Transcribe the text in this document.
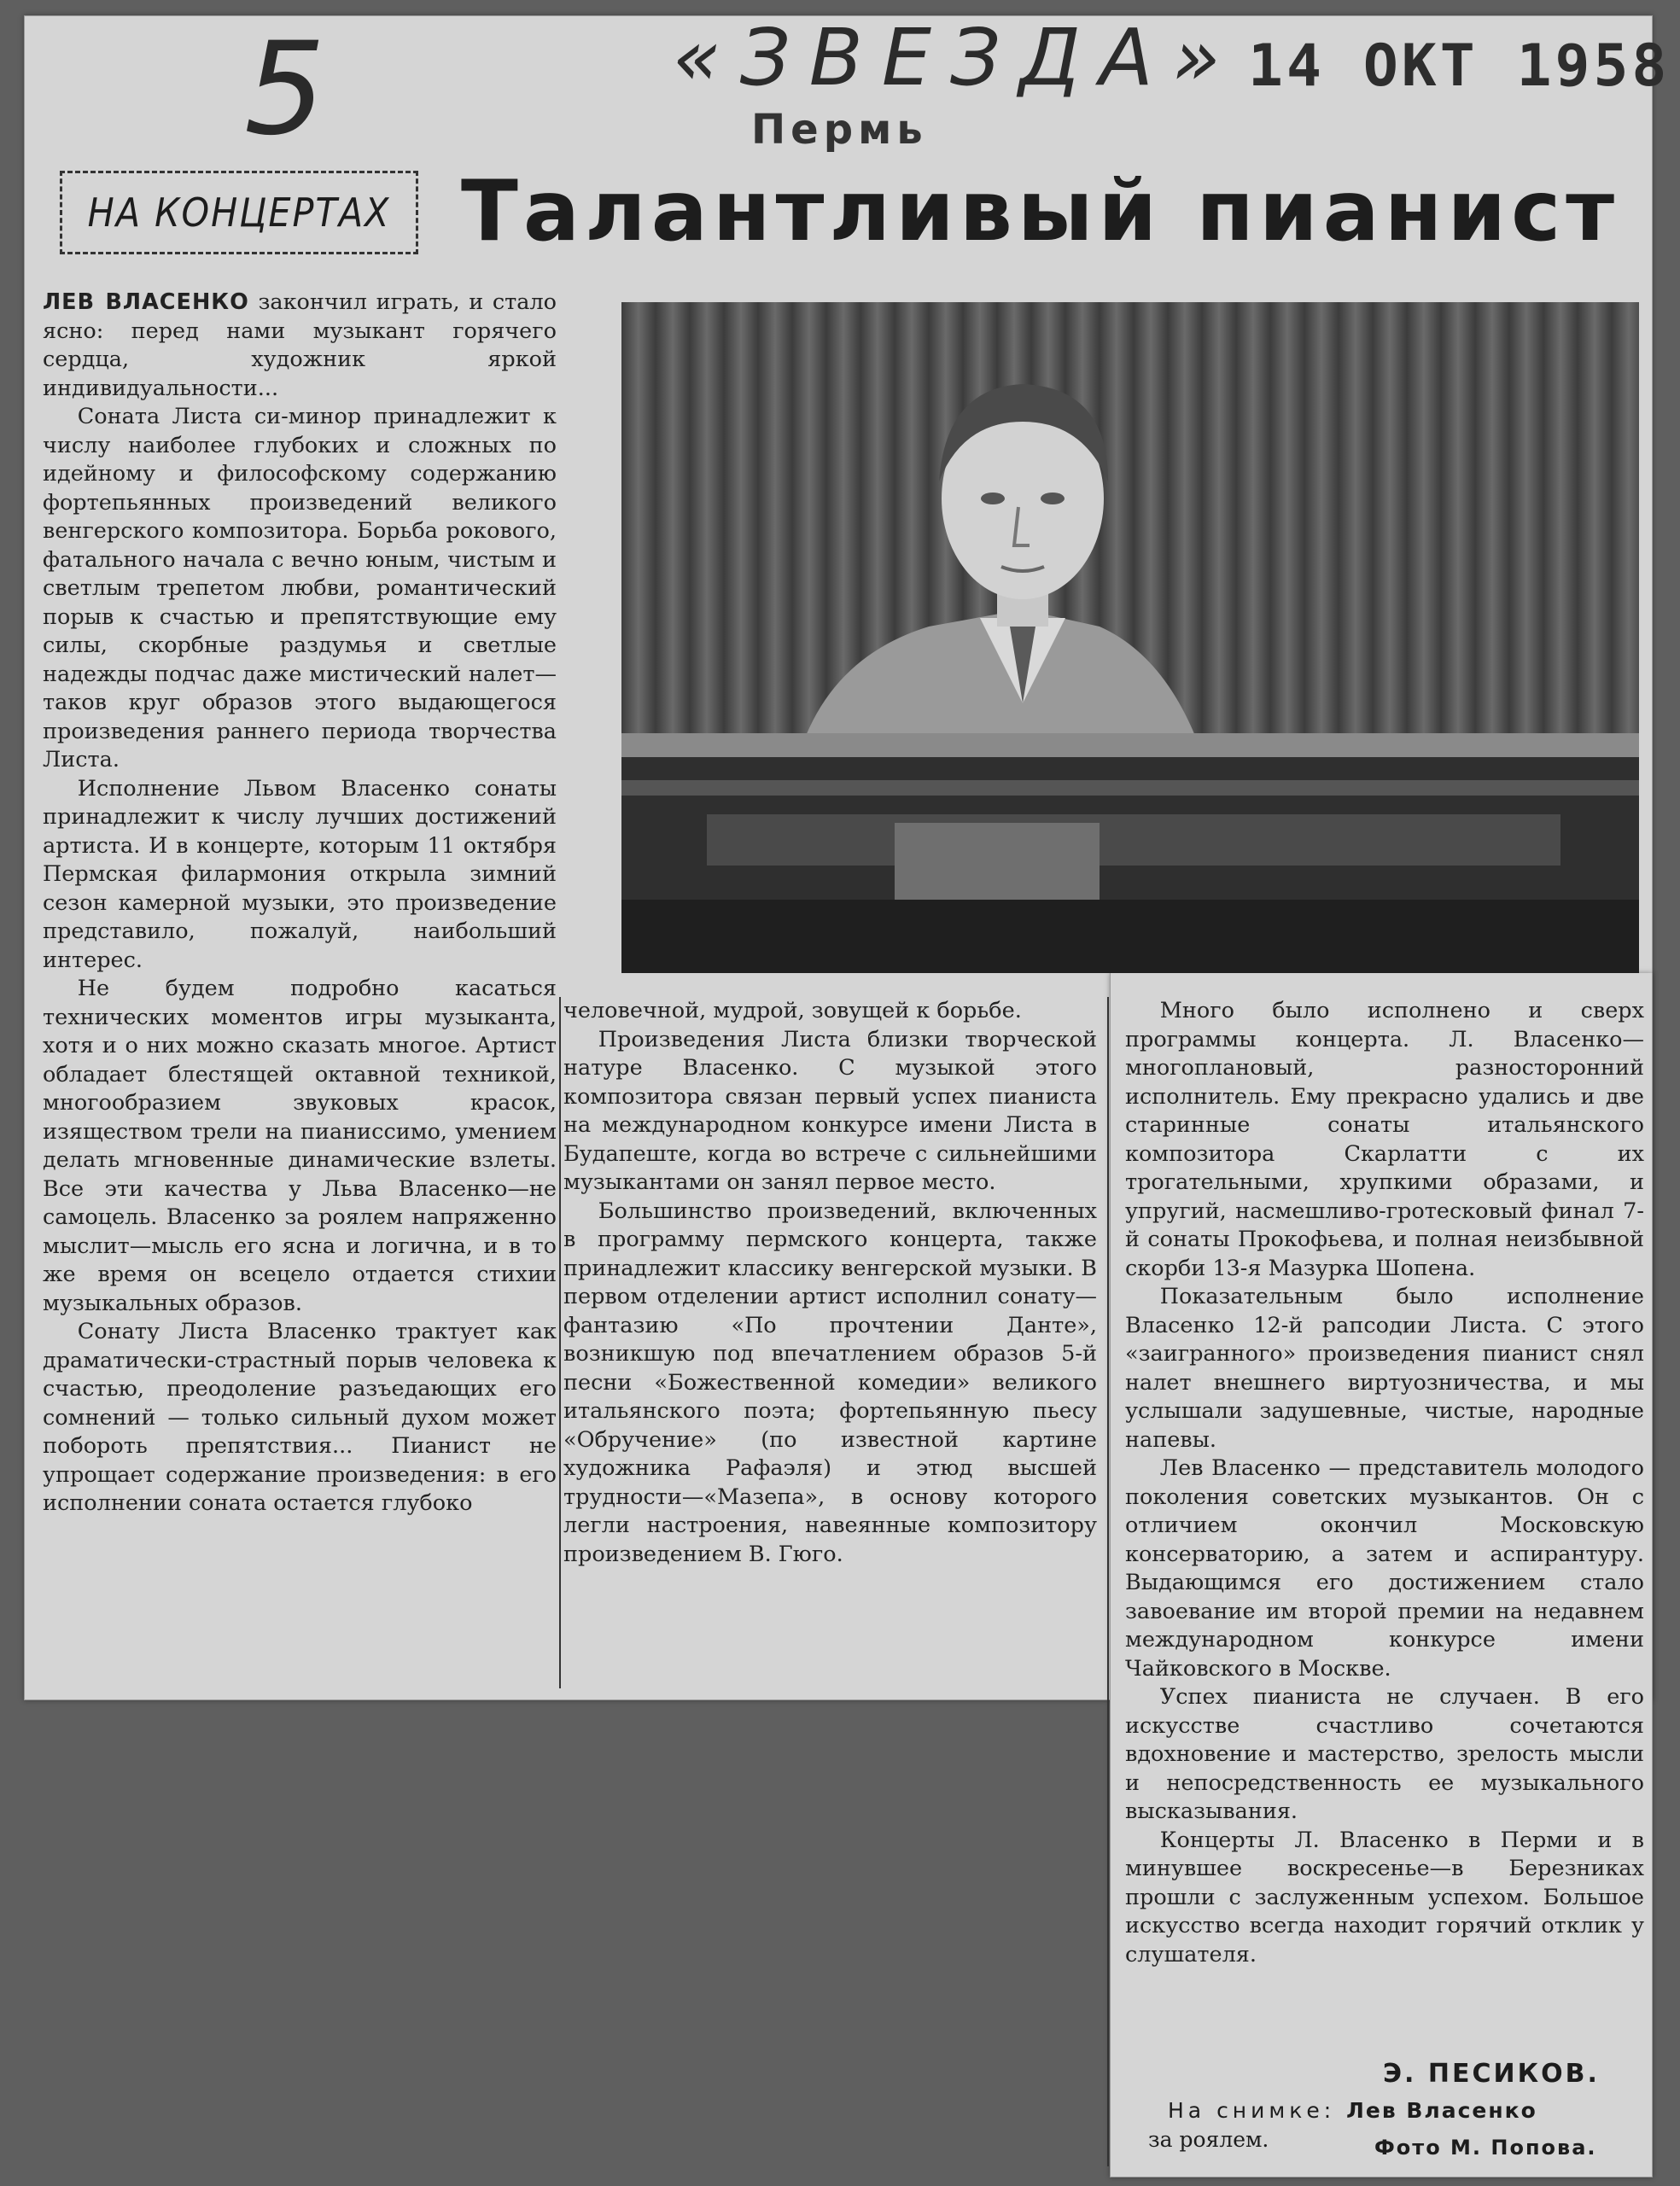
5	«ЗВЕЗДА»
Пермь
14 ОКТ 1958
НА КОНЦЕРТАХ Талантливый пианист

ЛЕВ ВЛАСЕНКО закончил играть, и стало ясно: перед нами музыкант горячего сердца, художник яркой индивидуальности...

Соната Листа си-минор принадлежит к числу наиболее глубоких и сложных по идейному и философскому содержанию фортепьянных произведений великого венгерского композитора. Борьба рокового, фатального начала с вечно юным, чистым и светлым трепетом любви, романтический порыв к счастью и препятствующие ему силы, скорбные раздумья и светлые надежды подчас даже мистический налет—таков круг образов этого выдающегося произведения раннего периода творчества Листа.

Исполнение Львом Власенко сонаты принадлежит к числу лучших достижений артиста. И в концерте, которым 11 октября Пермская филармония открыла зимний сезон камерной музыки, это произведение представило, пожалуй, наибольший интерес.

Не будем подробно касаться технических моментов игры музыканта, хотя и о них можно сказать многое. Артист обладает блестящей октавной техникой, многообразием звуковых красок, изяществом трели на пианиссимо, умением делать мгновенные динамические взлеты. Все эти качества у Льва Власенко—не самоцель. Власенко за роялем напряженно мыслит—мысль его ясна и логична, и в то же время он всецело отдается стихии музыкальных образов.

Сонату Листа Власенко трактует как драматически-страстный порыв человека к счастью, преодоление разъедающих его сомнений — только сильный духом может побороть препятствия... Пианист не упрощает содержание произведения: в его исполнении соната остается глубоко

человечной, мудрой, зовущей к борьбе.

Произведения Листа близки творческой натуре Власенко. С музыкой этого композитора связан первый успех пианиста на международном конкурсе имени Листа в Будапеште, когда во встрече с сильнейшими музыкантами он занял первое место.

Большинство произведений, включенных в программу пермского концерта, также принадлежит классику венгерской музыки. В первом отделении артист исполнил сонату—фантазию «По прочтении Данте», возникшую под впечатлением образов 5-й песни «Божественной комедии» великого итальянского поэта; фортепьянную пьесу «Обручение» (по известной картине художника Рафаэля) и этюд высшей трудности—«Мазепа», в основу которого легли настроения, навеянные композитору произведением В. Гюго.

Много было исполнено и сверх программы концерта. Л. Власенко—многоплановый, разносторонний исполнитель. Ему прекрасно удались и две старинные сонаты итальянского композитора Скарлатти с их трогательными, хрупкими образами, и упругий, насмешливо-гротесковый финал 7-й сонаты Прокофьева, и полная неизбывной скорби 13-я Мазурка Шопена.

Показательным было исполнение Власенко 12-й рапсодии Листа. С этого «заигранного» произведения пианист снял налет внешнего виртуозничества, и мы услышали задушевные, чистые, народные напевы.

Лев Власенко — представитель молодого поколения советских музыкантов. Он с отличием окончил Московскую консерваторию, а затем и аспирантуру. Выдающимся его достижением стало завоевание им второй премии на недавнем международном конкурсе имени Чайковского в Москве.

Успех пианиста не случаен. В его искусстве счастливо сочетаются вдохновение и мастерство, зрелость мысли и непосредственность ее музыкального высказывания.

Концерты Л. Власенко в Перми и в минувшее воскресенье—в Березниках прошли с заслуженным успехом. Большое искусство всегда находит горячий отклик у слушателя.

Э. ПЕСИКОВ.
На снимке: Лев Власенко
за роялем.	Фото М. Попова.
